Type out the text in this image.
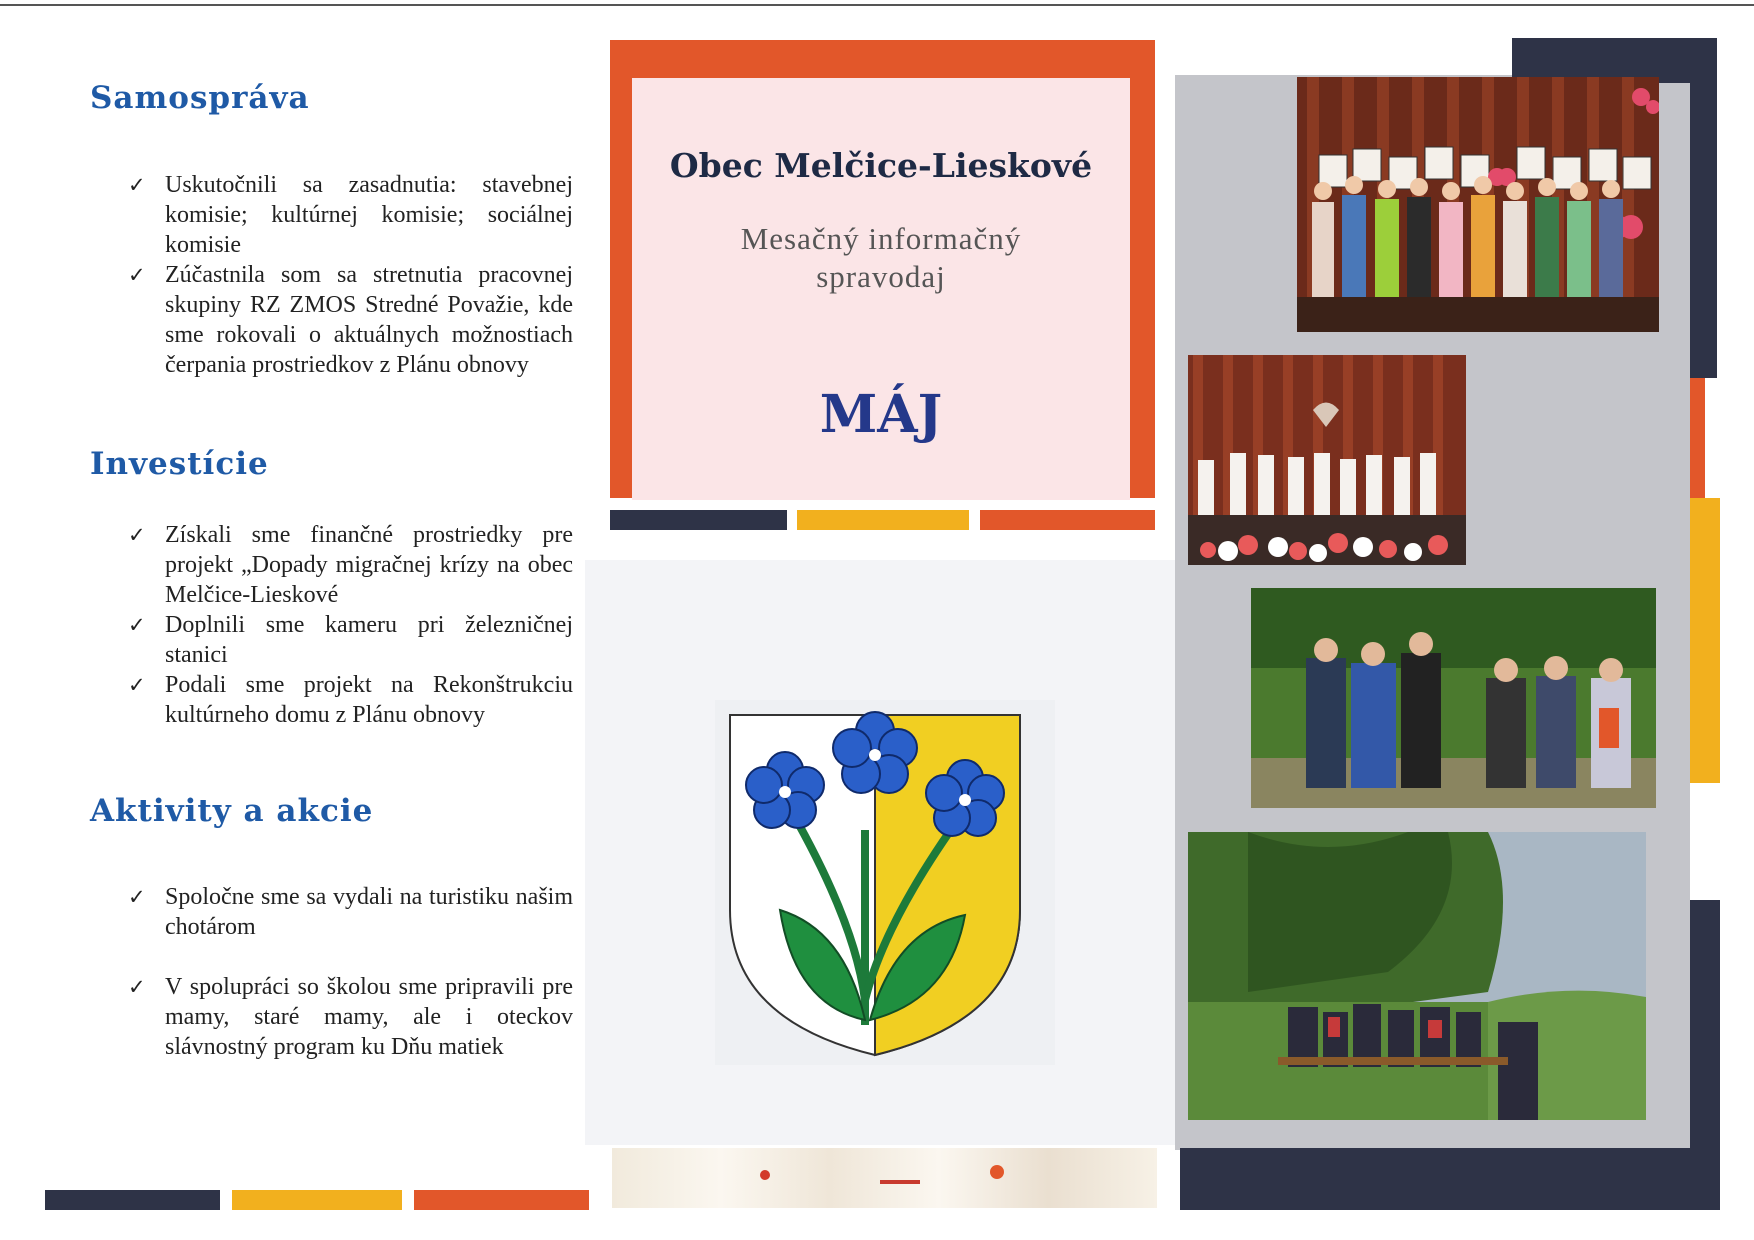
Samospráva
✓ Uskutočnili sa zasadnutia: stavebnej komisie; kultúrnej komisie; sociálnej komisie
✓ Zúčastnila som sa stretnutia pracovnej skupiny RZ ZMOS Stredné Považie, kde sme rokovali o aktuálnych možnostiach čerpania prostriedkov z Plánu obnovy
Investície
✓ Získali sme finančné prostriedky pre projekt „Dopady migračnej krízy na obec Melčice-Lieskové
✓ Doplnili sme kameru pri železničnej stanici
✓ Podali sme projekt na Rekonštrukciu kultúrneho domu z Plánu obnovy
Aktivity a akcie
✓ Spoločne sme sa vydali na turistiku našim chotárom
✓ V spolupráci so školou sme pripravili pre mamy, staré mamy, ale i oteckov slávnostný program ku Dňu matiek
Obec Melčice-Lieskové
Mesačný informačný
spravodaj
MÁJ
